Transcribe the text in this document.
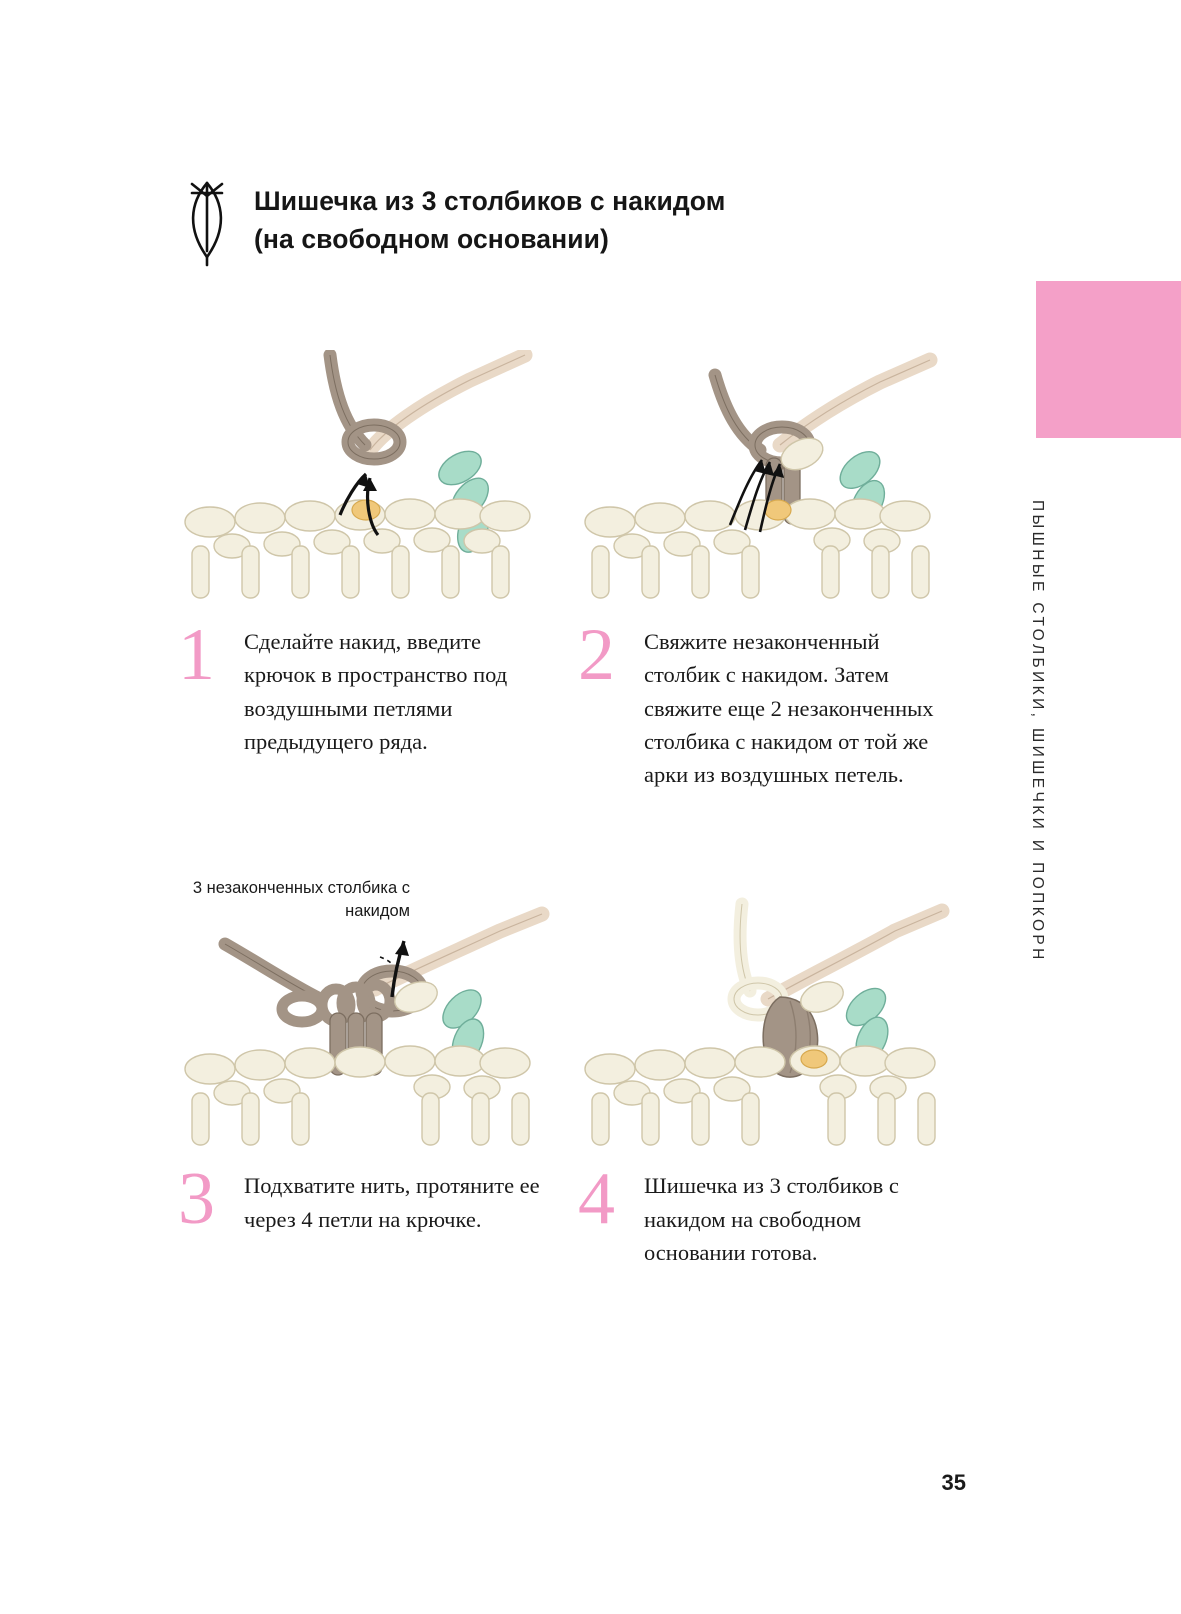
Шишечка из 3 столбиков с накидом
(на свободном основании)
ПЫШНЫЕ СТОЛБИКИ, ШИШЕЧКИ И ПОПКОРН
1	Сделайте накид, введите крючок в пространство под воздушными петлями предыдущего ряда.

2	Свяжите незаконченный столбик с накидом. Затем свяжите еще 2 незаконченных столбика с накидом от той же арки из воздушных петель.

3 незаконченных столбика с накидом
3	Подхватите нить, протяните ее через 4 петли на крючке.	4	Шишечка из 3 столбиков с накидом на свободном основании готова.

35
